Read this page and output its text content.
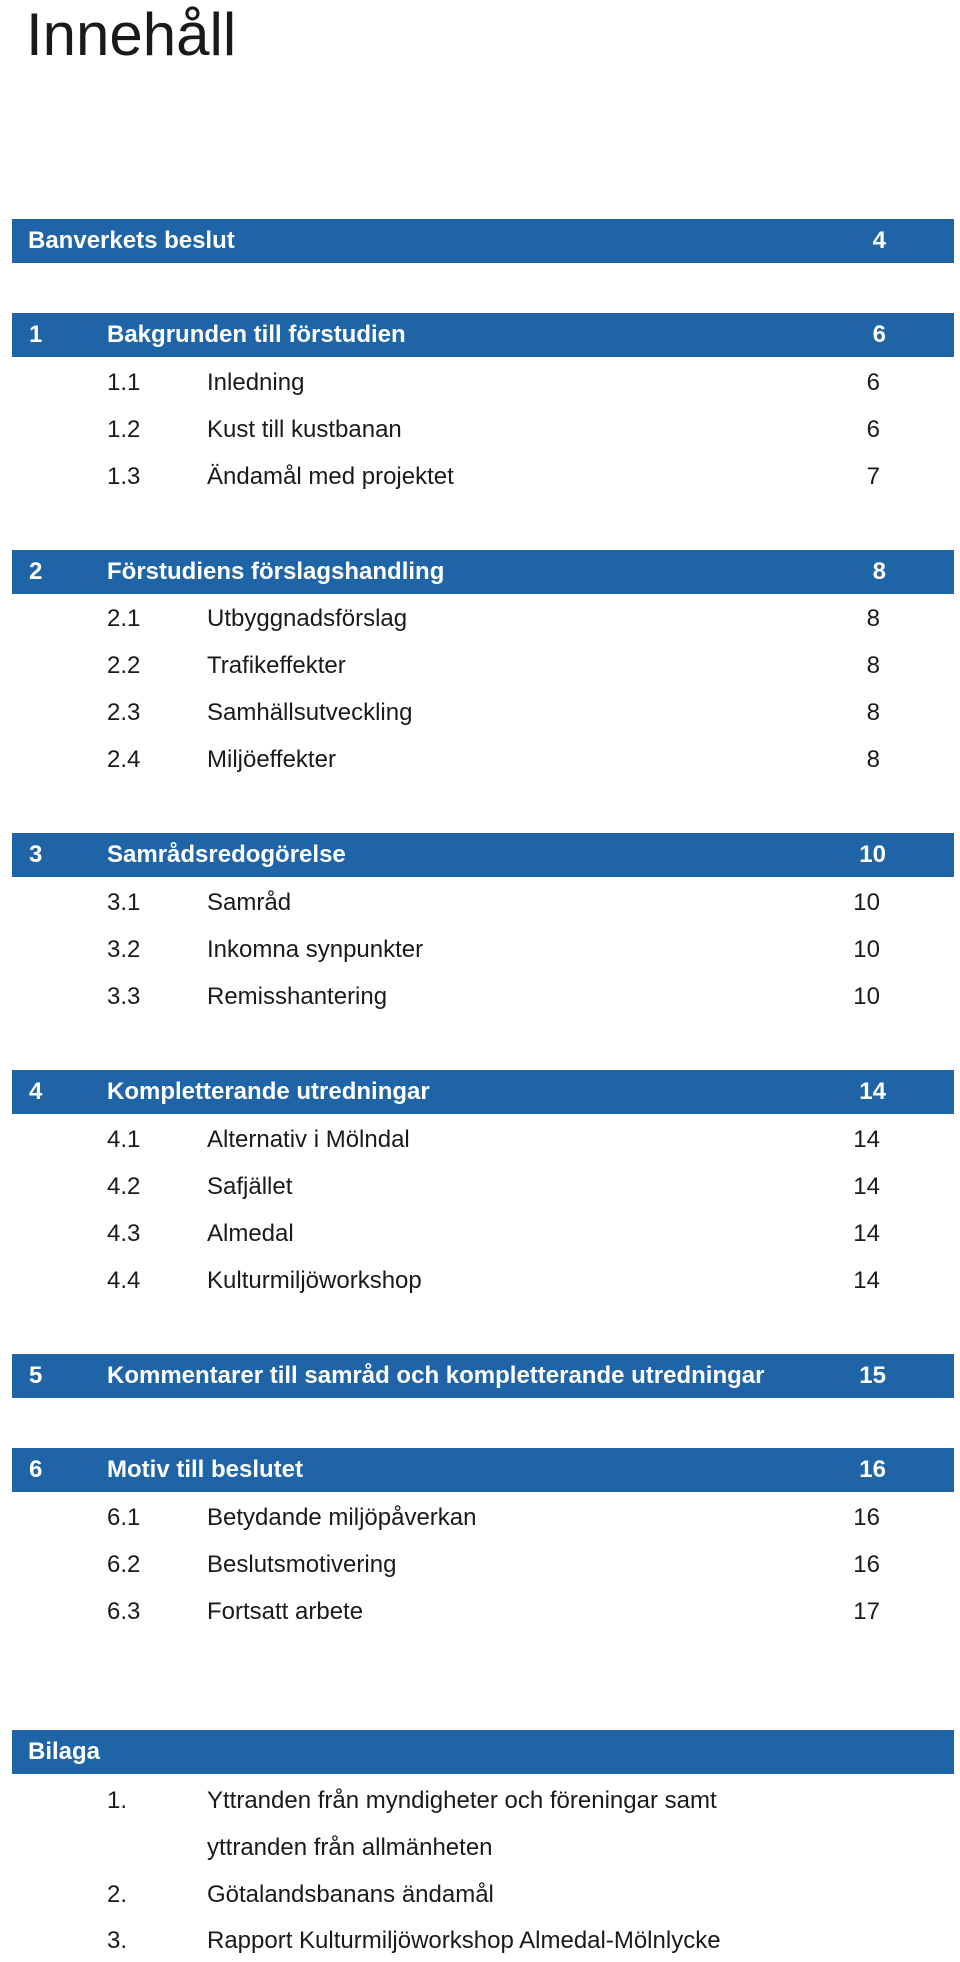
Innehåll
Banverkets beslut	4
1	Bakgrunden till förstudien	6
1.1	Inledning	6
1.2	Kust till kustbanan	6
1.3	Ändamål med projektet	7
2	Förstudiens förslagshandling	8
2.1	Utbyggnadsförslag	8
2.2	Trafikeffekter	8
2.3	Samhällsutveckling	8
2.4	Miljöeffekter	8
3	Samrådsredogörelse	10
3.1	Samråd	10
3.2	Inkomna synpunkter	10
3.3	Remisshantering	10
4	Kompletterande utredningar	14
4.1	Alternativ i Mölndal	14
4.2	Safjället	14
4.3	Almedal	14
4.4	Kulturmiljöworkshop	14
5	Kommentarer till samråd och kompletterande utredningar	15
6	Motiv till beslutet	16
6.1	Betydande miljöpåverkan	16
6.2	Beslutsmotivering	16
6.3	Fortsatt arbete	17
Bilaga
1.	Yttranden från myndigheter och föreningar samt
yttranden från allmänheten
2.	Götalandsbanans ändamål
3.	Rapport Kulturmiljöworkshop Almedal-Mölnlycke
